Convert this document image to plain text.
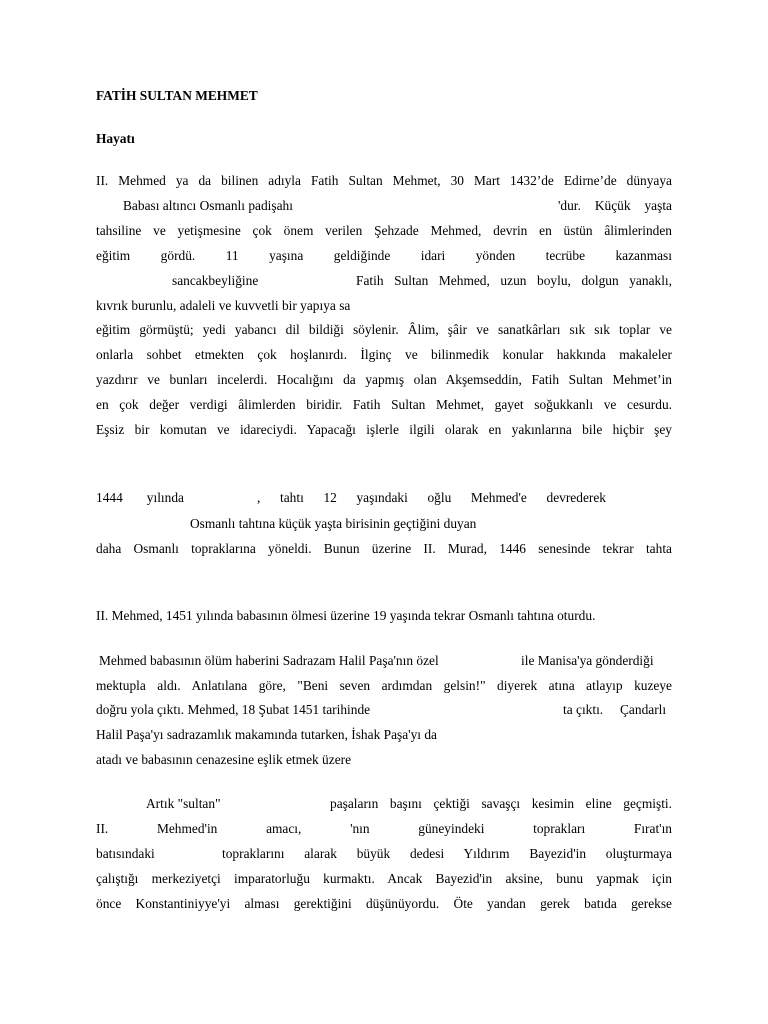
FATİH SULTAN MEHMET

Hayatı

II. Mehmed ya da bilinen adıyla Fatih Sultan Mehmet, 30 Mart 1432’de Edirne’de dünyaya

Babası altıncı Osmanlı padişahı	'dur. Küçük yaşta

tahsiline ve yetişmesine çok önem verilen Şehzade Mehmed, devrin en üstün âlimlerinden

eğitim gördü. 11 yaşına geldiğinde idari yönden tecrübe kazanması

sancakbeyliğine	Fatih Sultan Mehmed, uzun boylu, dolgun yanaklı,

kıvrık burunlu, adaleli ve kuvvetli bir yapıya sa

eğitim görmüştü; yedi yabancı dil bildiği söylenir. Âlim, şâir ve sanatkârları sık sık toplar ve

onlarla sohbet etmekten çok hoşlanırdı. İlginç ve bilinmedik konular hakkında makaleler

yazdırır ve bunları incelerdi. Hocalığını da yapmış olan Akşemseddin, Fatih Sultan Mehmet’in

en çok değer verdigi âlimlerden biridir. Fatih Sultan Mehmet, gayet soğukkanlı ve cesurdu.

Eşsiz bir komutan ve idareciydi. Yapacağı işlerle ilgili olarak en yakınlarına bile hiçbir şey

1444 yılında	, tahtı 12 yaşındaki oğlu Mehmed'e devrederek

Osmanlı tahtına küçük yaşta birisinin geçtiğini duyan

daha Osmanlı topraklarına yöneldi. Bunun üzerine II. Murad, 1446 senesinde tekrar tahta

II. Mehmed, 1451 yılında babasının ölmesi üzerine 19 yaşında tekrar Osmanlı tahtına oturdu.

Mehmed babasının ölüm haberini Sadrazam Halil Paşa'nın özel	ile Manisa'ya gönderdiği

mektupla aldı. Anlatılana göre, "Beni seven ardımdan gelsin!" diyerek atına atlayıp kuzeye

doğru yola çıktı. Mehmed, 18 Şubat 1451 tarihinde	ta çıktı. Çandarlı

Halil Paşa'yı sadrazamlık makamında tutarken, İshak Paşa'yı da

atadı ve babasının cenazesine eşlik etmek üzere

Artık "sultan"	paşaların başını çektiği savaşçı kesimin eline geçmişti.

II.	Mehmed'in	amacı,	'nın	güneyindeki	toprakları	Fırat'ın

batısındaki	topraklarını alarak büyük dedesi Yıldırım Bayezid'in oluşturmaya

çalıştığı merkeziyetçi imparatorluğu kurmaktı. Ancak Bayezid'in aksine, bunu yapmak için

önce Konstantiniyye'yi alması gerektiğini düşünüyordu. Öte yandan gerek batıda gerekse
